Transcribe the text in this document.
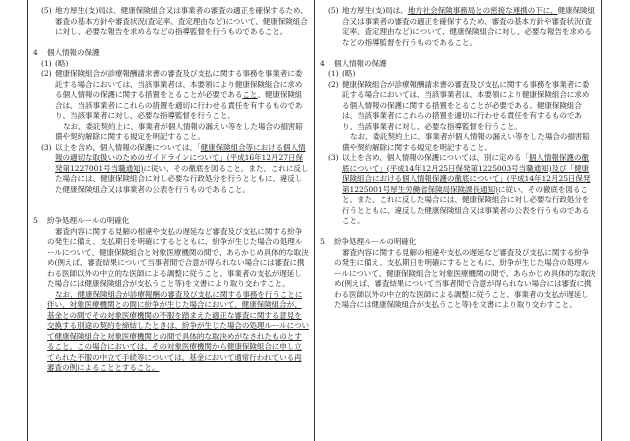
(5) 地方厚生(支)局は、健康保険組合又は事業者の審査の適正を確保するため、審査の基本方針や審査状況(査定率、査定理由など)について、健康保険組合に対し、必要な報告を求めるなどの指導監督を行うものであること。

4	個人情報の保護
(1) (略)
(2) 健康保険組合が診療報酬請求書の審査及び支払に関する事務を事業者に委託する場合においては、当該事業者は、本要領により健康保険組合に求める個人情報の保護に関する措置をとることが必要であること。健康保険組合は、当該事業者にこれらの措置を適切に行わせる責任を有するものであり、当該事業者に対し、必要な指導監督を行うこと。

なお、委託契約上に、事業者が個人情報の漏えい等をした場合の損害賠償や契約解除に関する規定を明記すること。

(3) 以上を含め、個人情報の保護については、「健康保険組合等における個人情報の適切な取扱いのためのガイドラインについて」(平成16年12月27日保発第1227001号当職通知)に従い、その徹底を図ること。また、これに反した場合には、健康保険組合に対し必要な行政処分を行うとともに、違反した健康保険組合又は事業者の公表を行うものであること。

5	紛争処理ルールの明確化

審査内容に関する見解の相違や支払の遅延など審査及び支払に関する紛争の発生に備え、支払期日を明確にするとともに、紛争が生じた場合の処理ルールについて、健康保険組合と対象医療機関の間で、あらかじめ具体的な取決め(例えば、審査結果について当事者間で合意が得られない場合には審査に携わる医師以外の中立的な医師による調整に従うこと、事業者の支払が遅延した場合には健康保険組合が支払うこと等)を文書により取り交わすこと。

なお、健康保険組合が診療報酬の審査及び支払に関する事務を行うことに伴い、対象医療機関との間に紛争が生じた場合において、健康保険組合が、基金との間でその対象医療機関の不服を踏まえた適正な審査に関する意見を交換する別途の契約を締結したときは、紛争が生じた場合の処理ルールについて健康保険組合と対象医療機関との間で具体的な取決めがなされたものとすること。この場合においては、その対象医療機関から健康保険組合に申し立てられた不服の中立て手続等については、基金において通常行われている再審査の例によることとすること。

(5) 地方厚生(支)局は、地方社会保険事務局との密接な連携の下に、健康保険組合又は事業者の審査の適正を確保するため、審査の基本方針や審査状況(査定率、査定理由など)について、健康保険組合に対し、必要な報告を求めるなどの指導監督を行うものであること。

4	個人情報の保護
(1) (略)
(2) 健康保険組合が診療報酬請求書の審査及び支払に関する事務を事業者に委託する場合においては、当該事業者は、本要領により健康保険組合に求める個人情報の保護に関する措置をとることが必要である。健康保険組合は、当該事業者にこれらの措置を適切に行わせる責任を有するものであり、当該事業者に対し、必要な指導監督を行うこと。

なお、委託契約上に、事業者が個人情報の漏えい等をした場合の損害賠償や契約解除に関する規定を明記すること。

(3) 以上を含め、個人情報の保護については、別に定める「個人情報保護の徹底について」(平成14年12月25日保発第1225003号当職通知)及び「健康保険組合における個人情報保護の徹底について」(平成14年12月25日保発第1225001号厚生労働省保険局保険課長通知)に従い、その徹底を図ること。また、これに反した場合には、健康保険組合に対し必要な行政処分を行うとともに、違反した健康保険組合又は事業者の公表を行うものであること。

5	紛争処理ルールの明確化

審査内容に関する見解の相違や支払の遅延など審査及び支払に関する紛争の発生に備え、支払期日を明確にするとともに、紛争が生じた場合の処理ルールについて、健康保険組合と対象医療機関の間で、あらかじめ具体的な取決め(例えば、審査結果について当事者間で合意が得られない場合には審査に携わる医師以外の中立的な医師による調整に従うこと、事業者の支払が遅延した場合には健康保険組合が支払うこと等)を文書により取り交わすこと。
